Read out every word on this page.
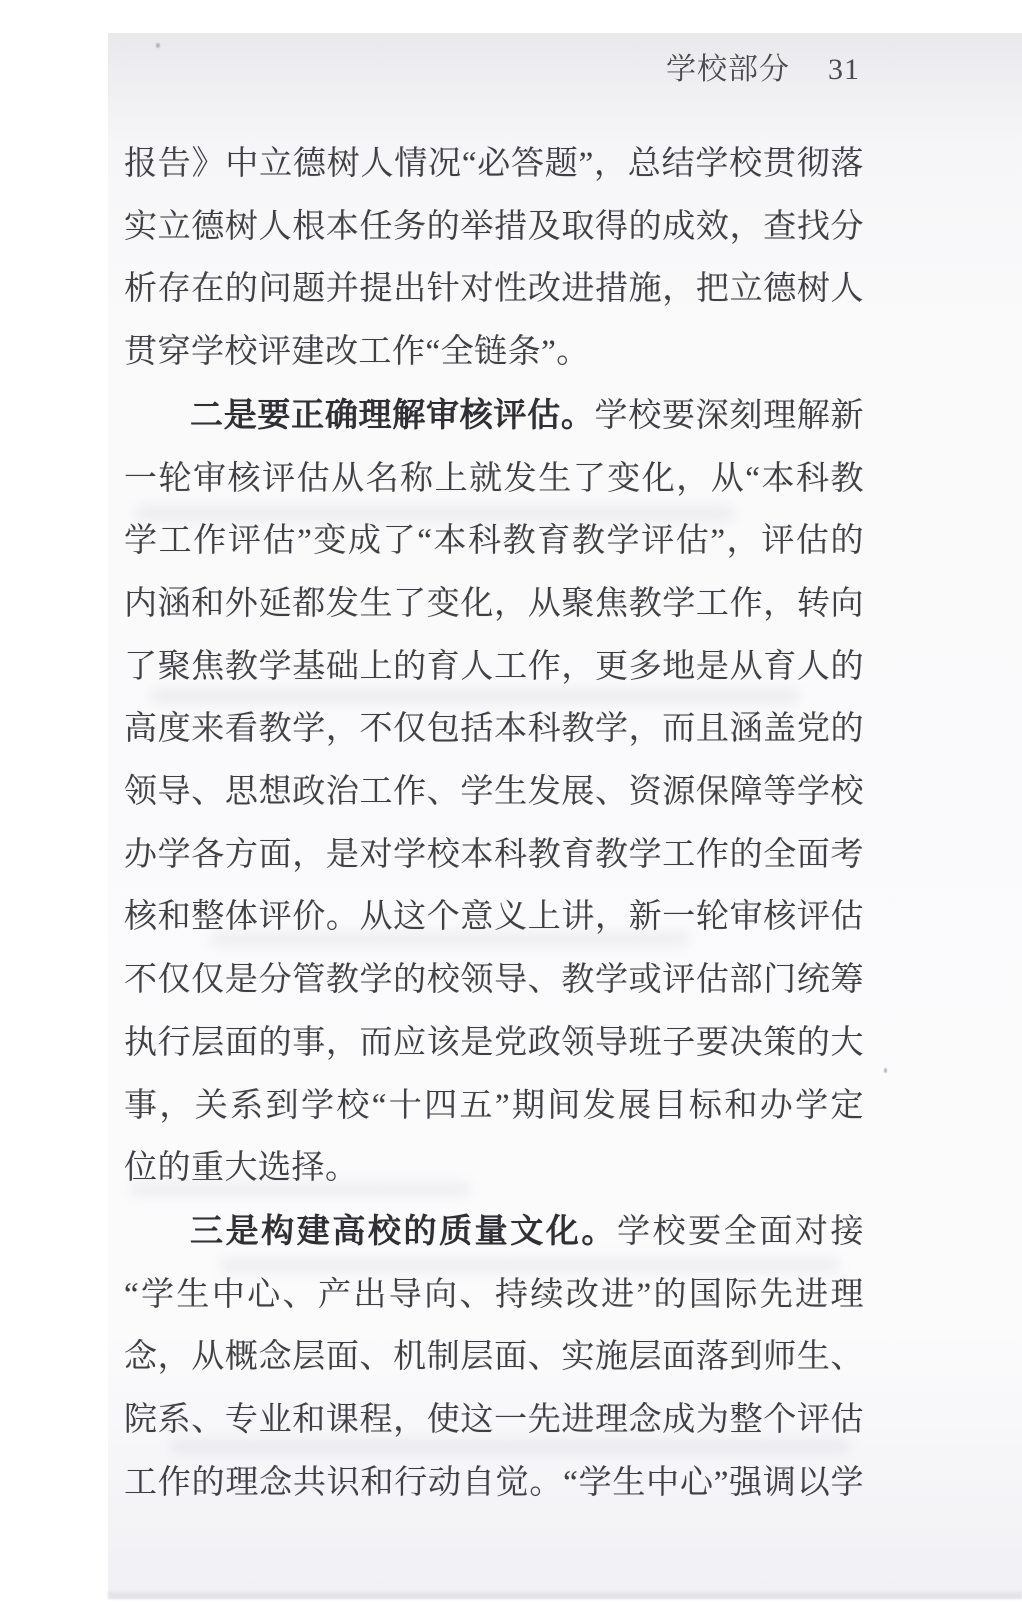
学校部分 31
报告》中立德树人情况“必答题”，总结学校贯彻落
实立德树人根本任务的举措及取得的成效，查找分
析存在的问题并提出针对性改进措施，把立德树人
贯穿学校评建改工作“全链条”。
二是要正确理解审核评估。学校要深刻理解新
一轮审核评估从名称上就发生了变化，从“本科教
学工作评估”变成了“本科教育教学评估”，评估的
内涵和外延都发生了变化，从聚焦教学工作，转向
了聚焦教学基础上的育人工作，更多地是从育人的
高度来看教学，不仅包括本科教学，而且涵盖党的
领导、思想政治工作、学生发展、资源保障等学校
办学各方面，是对学校本科教育教学工作的全面考
核和整体评价。从这个意义上讲，新一轮审核评估
不仅仅是分管教学的校领导、教学或评估部门统筹
执行层面的事，而应该是党政领导班子要决策的大
事，关系到学校“十四五”期间发展目标和办学定
位的重大选择。
三是构建高校的质量文化。学校要全面对接
“学生中心、产出导向、持续改进”的国际先进理
念，从概念层面、机制层面、实施层面落到师生、
院系、专业和课程，使这一先进理念成为整个评估
工作的理念共识和行动自觉。“学生中心”强调以学
